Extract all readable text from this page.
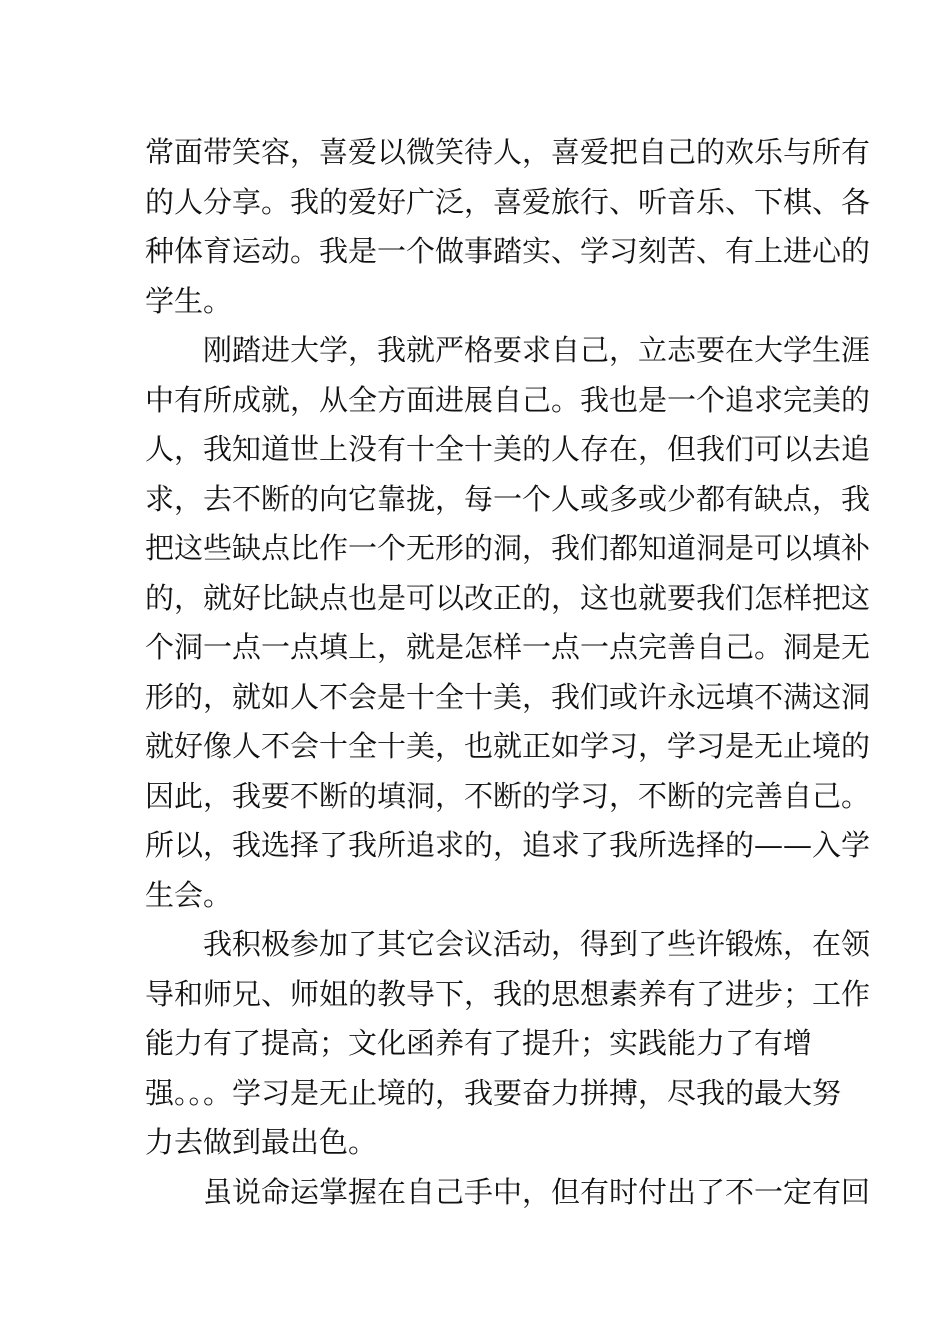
常面带笑容，喜爱以微笑待人，喜爱把自己的欢乐与所有
的人分享。我的爱好广泛，喜爱旅行、听音乐、下棋、各
种体育运动。我是一个做事踏实、学习刻苦、有上进心的
学生。
刚踏进大学，我就严格要求自己，立志要在大学生涯
中有所成就，从全方面进展自己。我也是一个追求完美的
人，我知道世上没有十全十美的人存在，但我们可以去追
求，去不断的向它靠拢，每一个人或多或少都有缺点，我
把这些缺点比作一个无形的洞，我们都知道洞是可以填补
的，就好比缺点也是可以改正的，这也就要我们怎样把这
个洞一点一点填上，就是怎样一点一点完善自己。洞是无
形的，就如人不会是十全十美，我们或许永远填不满这洞
就好像人不会十全十美，也就正如学习，学习是无止境的
因此，我要不断的填洞，不断的学习，不断的完善自己。
所以，我选择了我所追求的，追求了我所选择的——入学
生会。
我积极参加了其它会议活动，得到了些许锻炼，在领
导和师兄、师姐的教导下，我的思想素养有了进步；工作
能力有了提高；文化函养有了提升；实践能力了有增
强。。。学习是无止境的，我要奋力拼搏，尽我的最大努
力去做到最出色。
虽说命运掌握在自己手中，但有时付出了不一定有回
